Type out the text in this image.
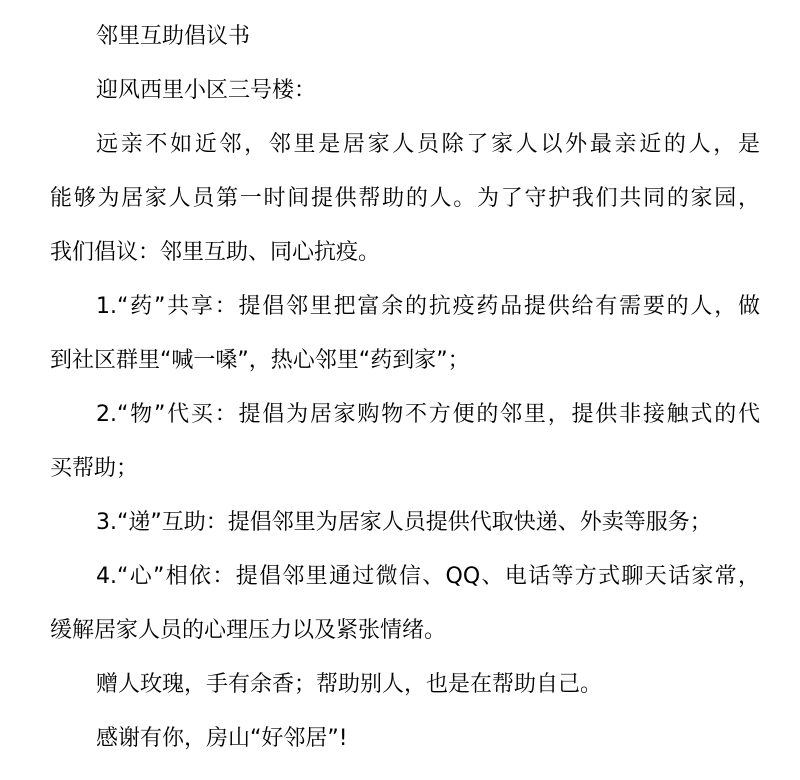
邻里互助倡议书
迎风西里小区三号楼：
远亲不如近邻，邻里是居家人员除了家人以外最亲近的人，是
能够为居家人员第一时间提供帮助的人。为了守护我们共同的家园，
我们倡议：邻里互助、同心抗疫。
1.“药”共享：提倡邻里把富余的抗疫药品提供给有需要的人，做
到社区群里“喊一嗓”，热心邻里“药到家”；
2.“物”代买：提倡为居家购物不方便的邻里，提供非接触式的代
买帮助；
3.“递”互助：提倡邻里为居家人员提供代取快递、外卖等服务；
4.“心”相依：提倡邻里通过微信、QQ、电话等方式聊天话家常，
缓解居家人员的心理压力以及紧张情绪。
赠人玫瑰，手有余香；帮助别人，也是在帮助自己。
感谢有你，房山“好邻居”!
